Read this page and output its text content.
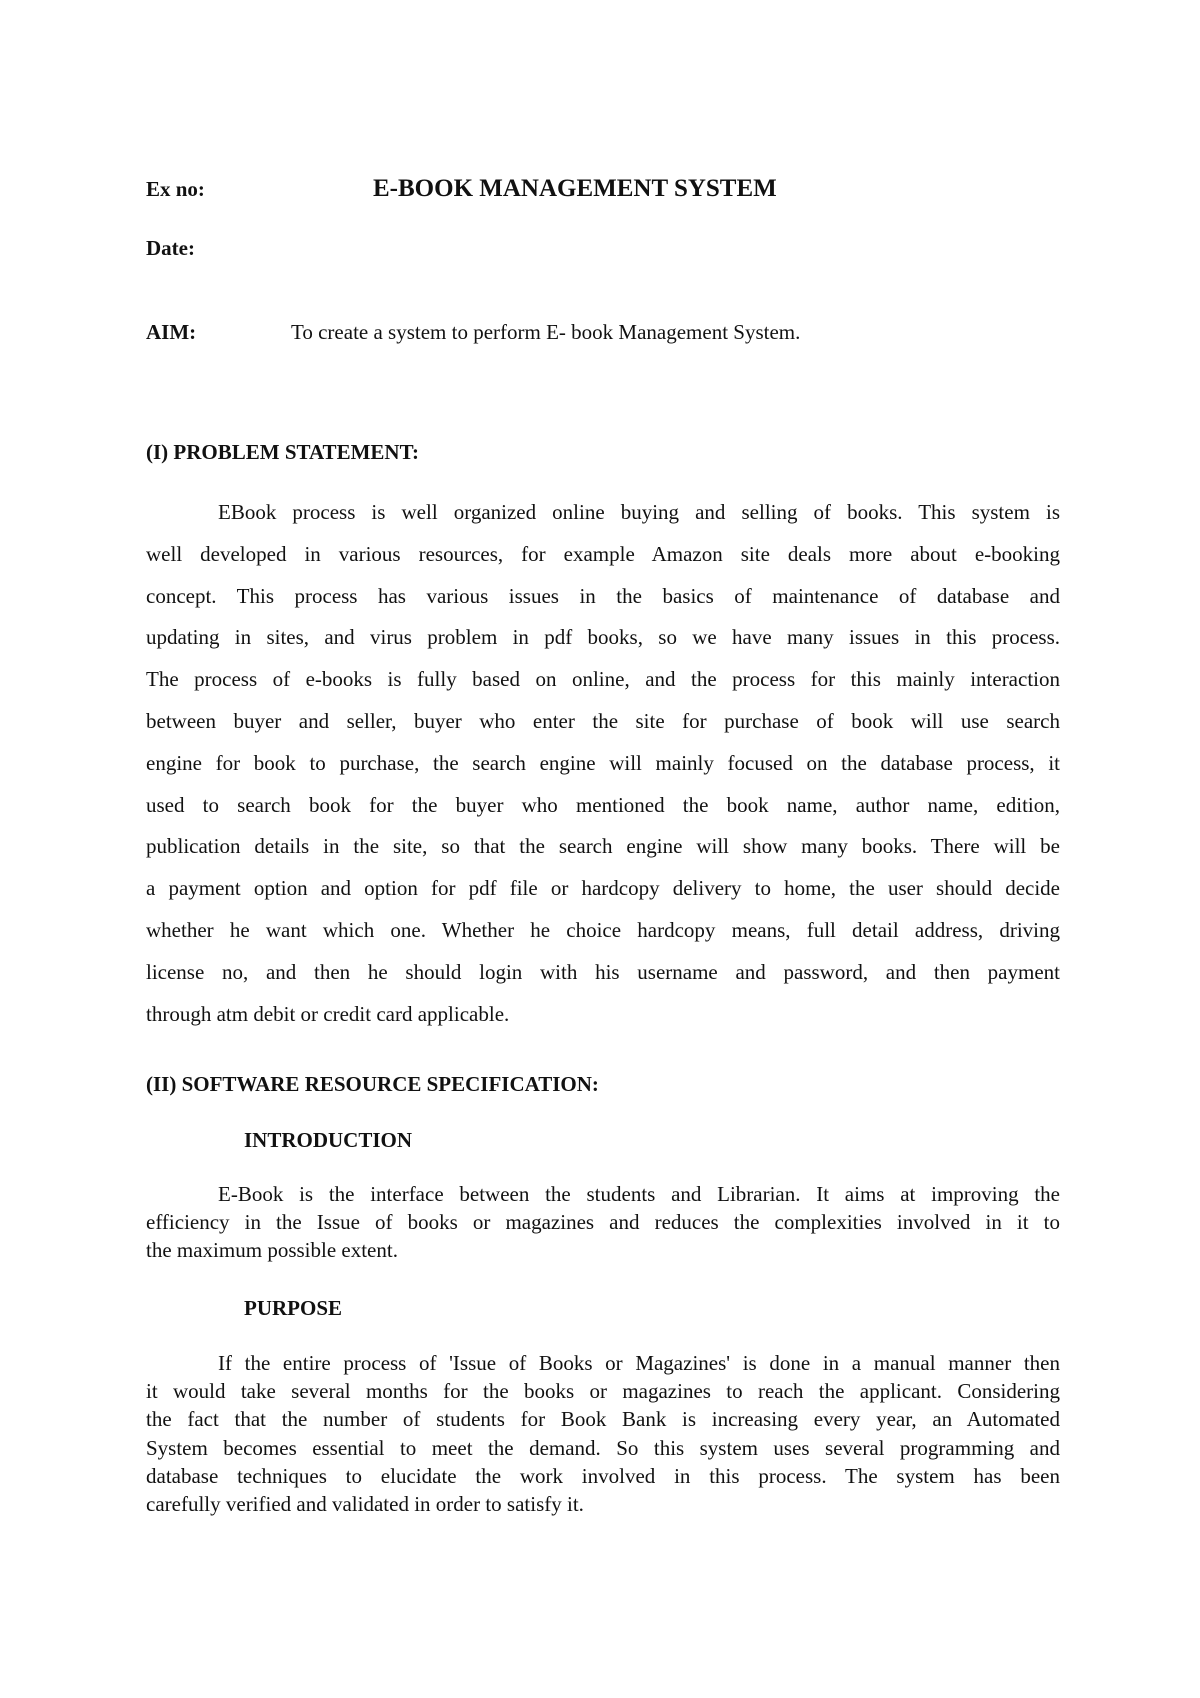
Ex no:	E-BOOK MANAGEMENT SYSTEM
Date:
AIM:	To create a system to perform E- book Management System.
(I) PROBLEM STATEMENT:
EBook process is well organized online buying and selling of books. This system is
well developed in various resources, for example Amazon site deals more about e-booking
concept. This process has various issues in the basics of maintenance of database and
updating in sites, and virus problem in pdf books, so we have many issues in this process.
The process of e-books is fully based on online, and the process for this mainly interaction
between buyer and seller, buyer who enter the site for purchase of book will use search
engine for book to purchase, the search engine will mainly focused on the database process, it
used to search book for the buyer who mentioned the book name, author name, edition,
publication details in the site, so that the search engine will show many books. There will be
a payment option and option for pdf file or hardcopy delivery to home, the user should decide
whether he want which one. Whether he choice hardcopy means, full detail address, driving
license no, and then he should login with his username and password, and then payment
through atm debit or credit card applicable.
(II) SOFTWARE RESOURCE SPECIFICATION:
INTRODUCTION
E-Book is the interface between the students and Librarian. It aims at improving the
efficiency in the Issue of books or magazines and reduces the complexities involved in it to
the maximum possible extent.
PURPOSE
If the entire process of 'Issue of Books or Magazines' is done in a manual manner then
it would take several months for the books or magazines to reach the applicant. Considering
the fact that the number of students for Book Bank is increasing every year, an Automated
System becomes essential to meet the demand. So this system uses several programming and
database techniques to elucidate the work involved in this process. The system has been
carefully verified and validated in order to satisfy it.
